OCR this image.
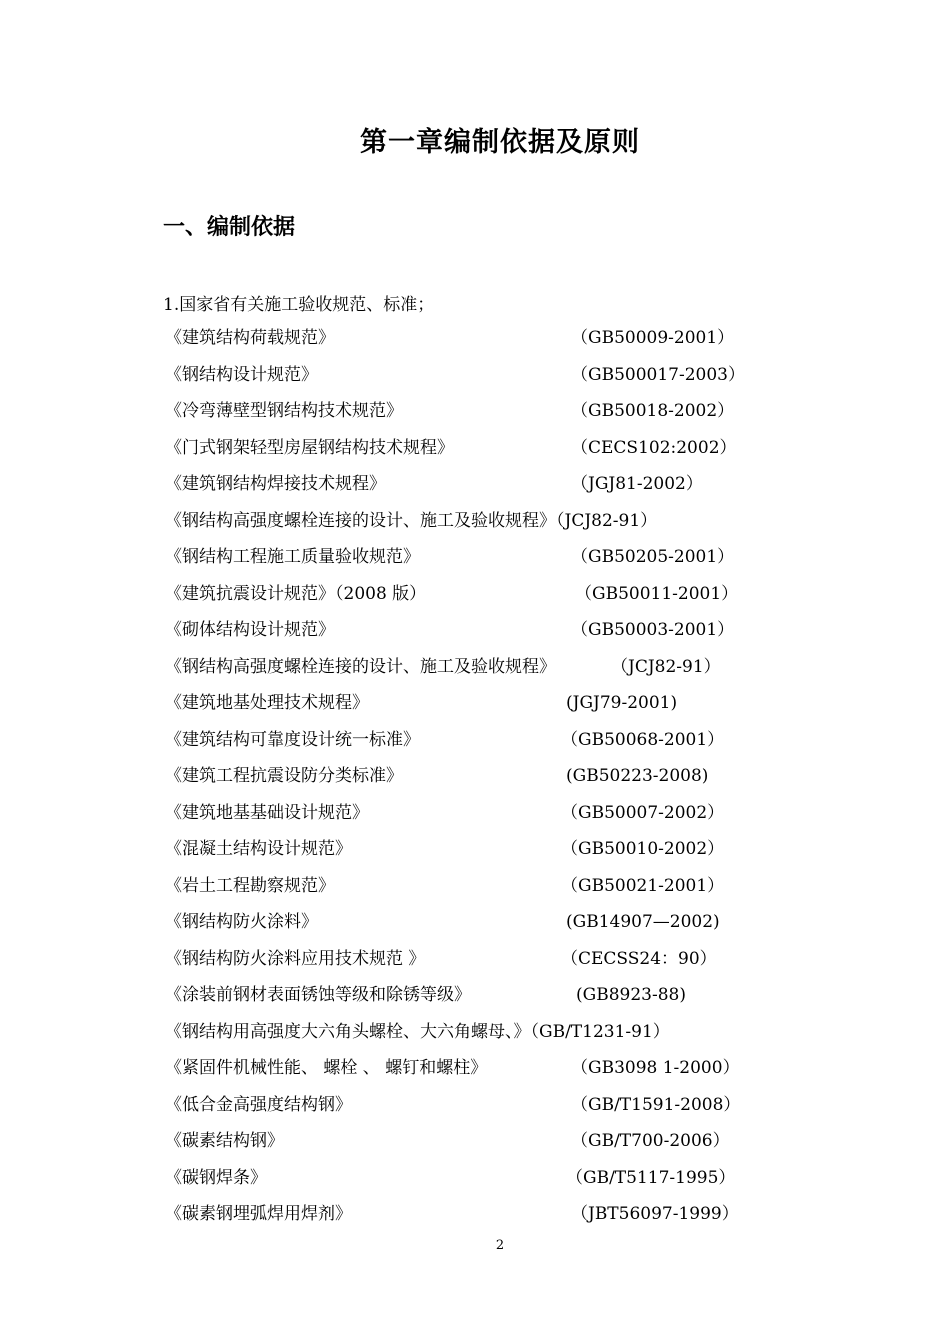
第一章编制依据及原则
一、编制依据
1.国家省有关施工验收规范、标准；
《建筑结构荷载规范》	（GB50009-2001）
《钢结构设计规范》	（GB500017-2003）
《冷弯薄壁型钢结构技术规范》	（GB50018-2002）
《门式钢架轻型房屋钢结构技术规程》	（CECS102:2002）
《建筑钢结构焊接技术规程》	（JGJ81-2002）
《钢结构高强度螺栓连接的设计、施工及验收规程》（JCJ82-91）
《钢结构工程施工质量验收规范》	（GB50205-2001）
《建筑抗震设计规范》（2008 版）	（GB50011-2001）
《砌体结构设计规范》	（GB50003-2001）
《钢结构高强度螺栓连接的设计、施工及验收规程》	（JCJ82-91）
《建筑地基处理技术规程》	(JGJ79-2001)
《建筑结构可靠度设计统一标准》	（GB50068-2001）
《建筑工程抗震设防分类标准》	(GB50223-2008)
《建筑地基基础设计规范》	（GB50007-2002）
《混凝土结构设计规范》	（GB50010-2002）
《岩土工程勘察规范》	（GB50021-2001）
《钢结构防火涂料》	(GB14907—2002)
《钢结构防火涂料应用技术规范 》	（CECSS24：90）
《涂装前钢材表面锈蚀等级和除锈等级》	(GB8923-88)
《钢结构用高强度大六角头螺栓、大六角螺母、》（GB/T1231-91）
《紧固件机械性能、 螺栓 、 螺钉和螺柱》	（GB3098 1-2000）
《低合金高强度结构钢》	（GB/T1591-2008）
《碳素结构钢》	（GB/T700-2006）
《碳钢焊条》	（GB/T5117-1995）
《碳素钢埋弧焊用焊剂》	（JBT56097-1999）
2
